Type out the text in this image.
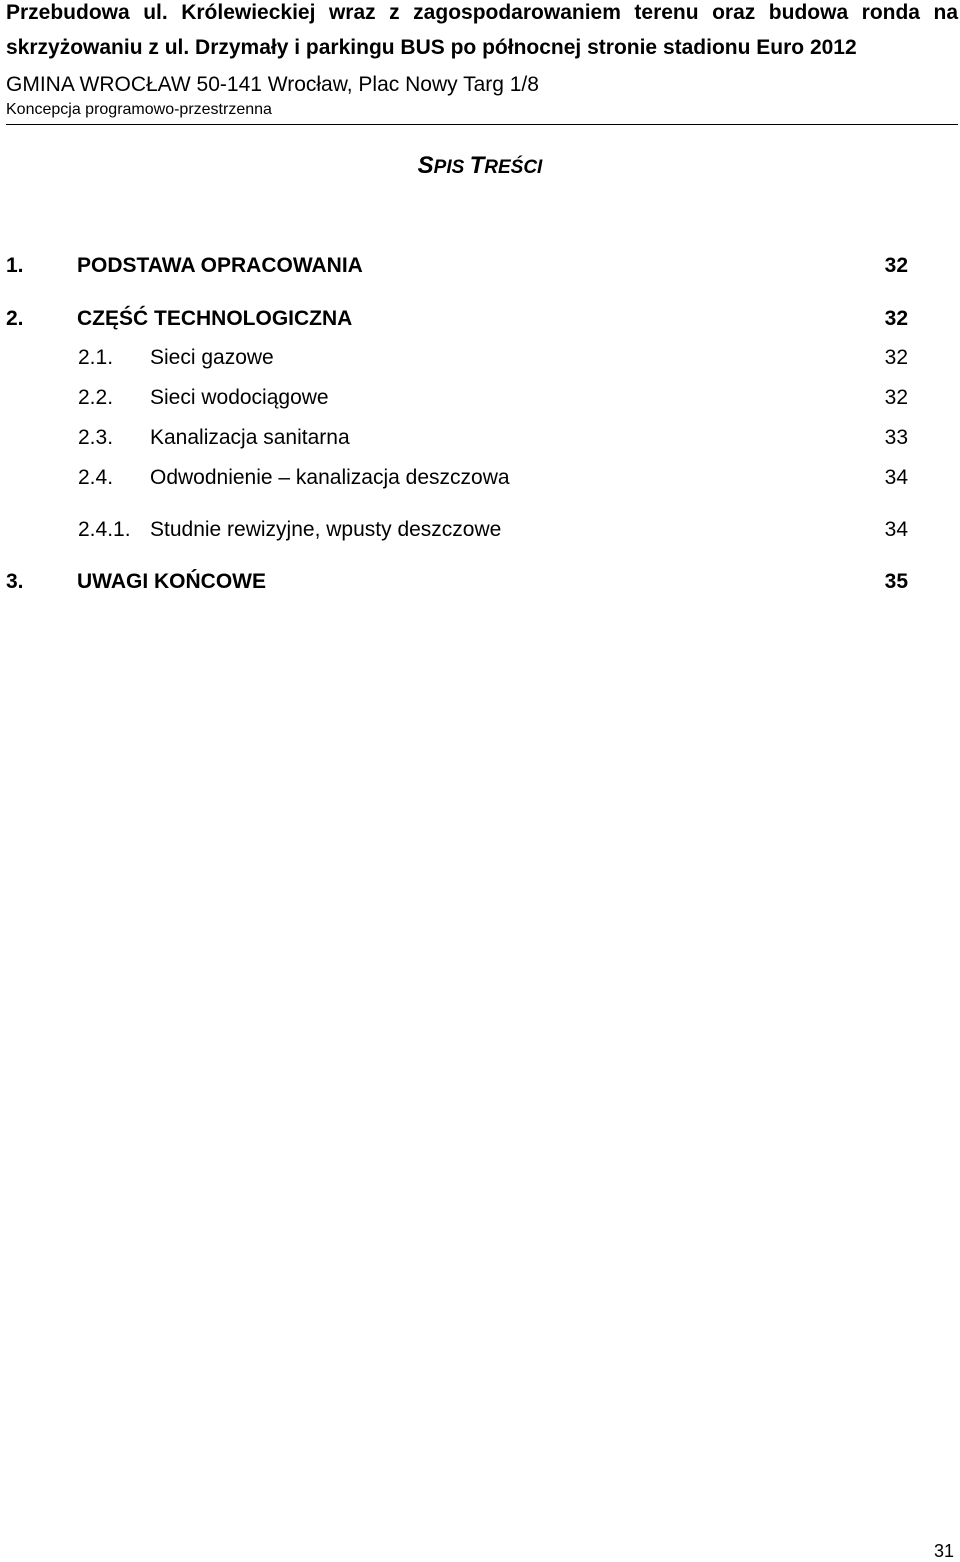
Przebudowa ul. Królewieckiej wraz z zagospodarowaniem terenu oraz budowa ronda na
skrzyżowaniu z ul. Drzymały i parkingu BUS po północnej stronie stadionu Euro 2012
GMINA WROCŁAW 50-141 Wrocław, Plac Nowy Targ 1/8
Koncepcja programowo-przestrzenna
SPIS TREŚCI
1.	PODSTAWA OPRACOWANIA	32
2.	CZĘŚĆ TECHNOLOGICZNA	32
2.1. Sieci gazowe	32
2.2. Sieci wodociągowe	32
2.3. Kanalizacja sanitarna	33
2.4. Odwodnienie – kanalizacja deszczowa	34
2.4.1. Studnie rewizyjne, wpusty deszczowe	34
3.	UWAGI KOŃCOWE	35
31
